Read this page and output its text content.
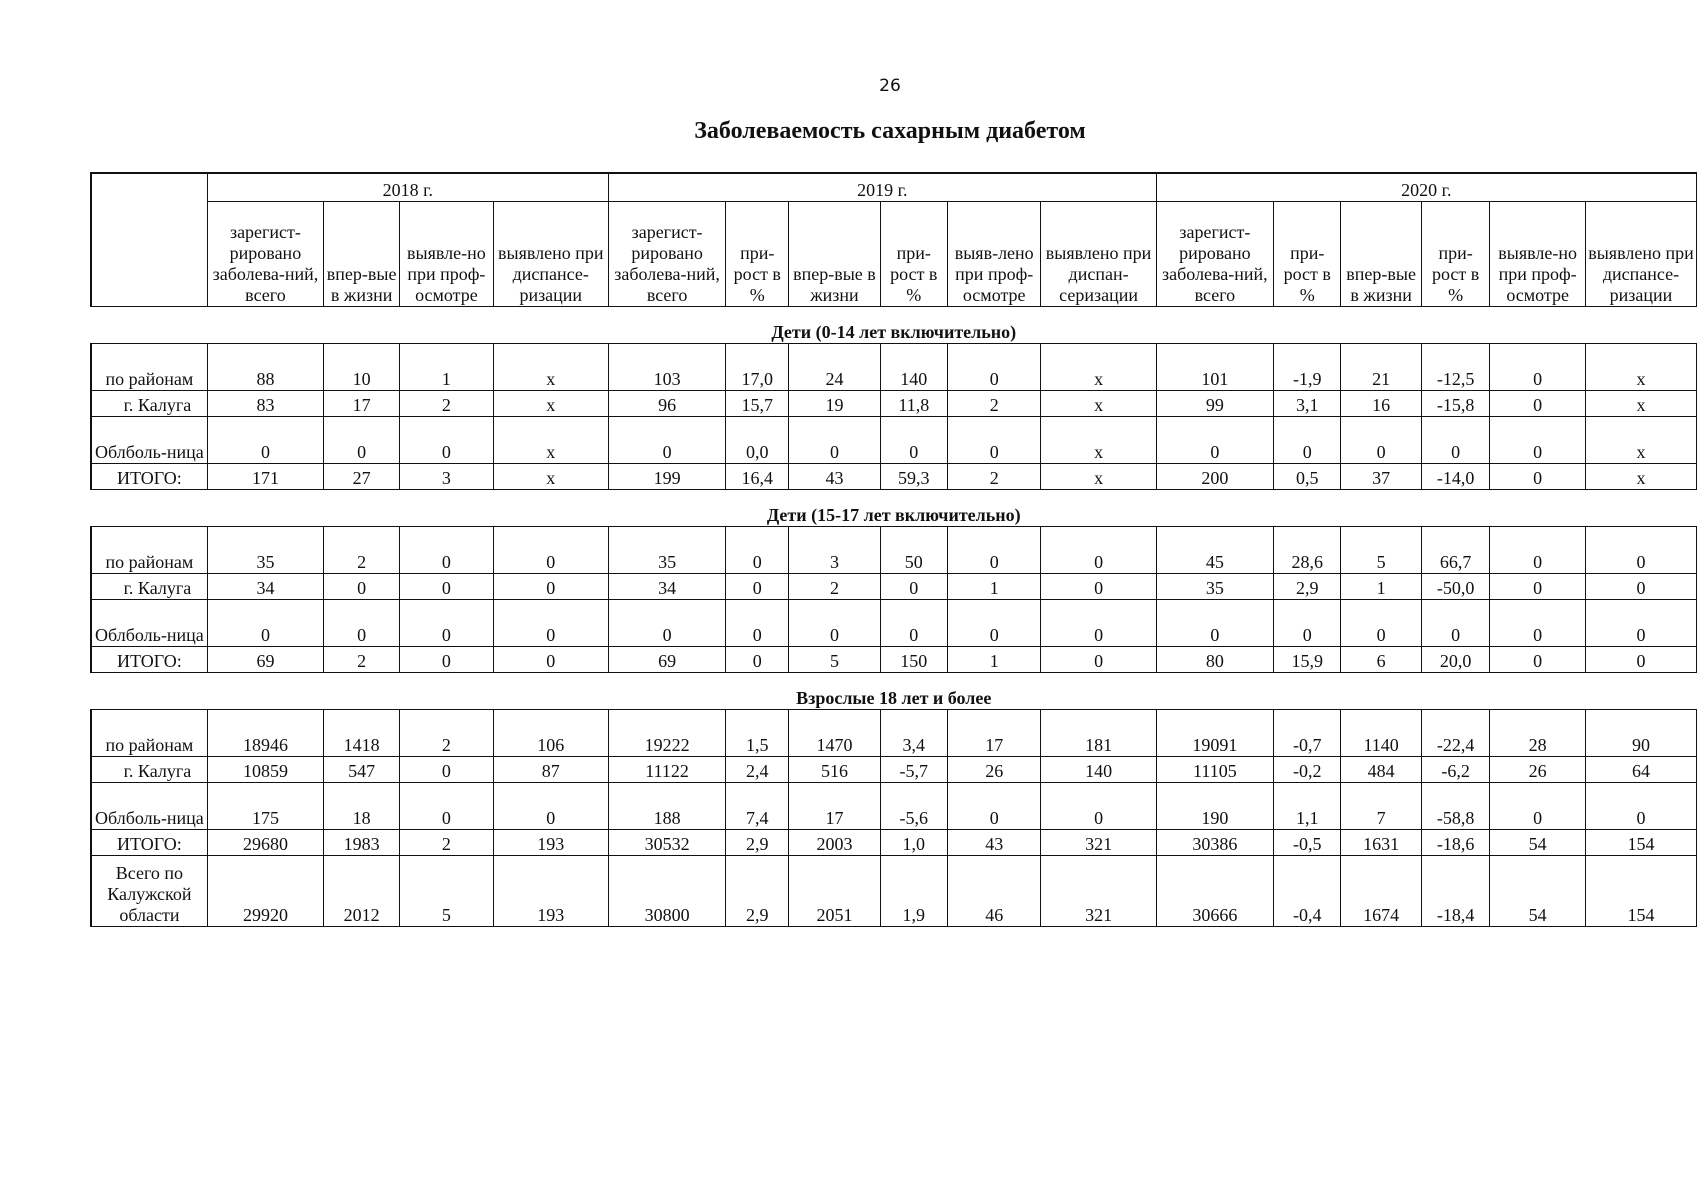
26
Заболеваемость сахарным диабетом
	2018 г.				2019 г.						2020 г.					
	зарегист-рировано заболева-ний, всего	впер-вые в жизни	выявле-но при проф-осмотре	выявлено при диспансе-ризации	зарегист-рировано заболева-ний, всего	при-рост в %	впер-вые в жизни	при-рост в %	выяв-лено при проф-осмотре	выявлено при диспан-серизации	зарегист-рировано заболева-ний, всего	при-рост в %	впер-вые в жизни	при-рост в %	выявле-но при проф-осмотре	выявлено при диспансе-ризации
Дети (0-14 лет включительно)																
по районам	88	10	1	х	103	17,0	24	140	0	х	101	-1,9	21	-12,5	0	х
г. Калуга	83	17	2	х	96	15,7	19	11,8	2	х	99	3,1	16	-15,8	0	х
Облболь-ница	0	0	0	х	0	0,0	0	0	0	х	0	0	0	0	0	х
ИТОГО:	171	27	3	х	199	16,4	43	59,3	2	х	200	0,5	37	-14,0	0	х
Дети (15-17 лет включительно)																
по районам	35	2	0	0	35	0	3	50	0	0	45	28,6	5	66,7	0	0
г. Калуга	34	0	0	0	34	0	2	0	1	0	35	2,9	1	-50,0	0	0
Облболь-ница	0	0	0	0	0	0	0	0	0	0	0	0	0	0	0	0
ИТОГО:	69	2	0	0	69	0	5	150	1	0	80	15,9	6	20,0	0	0
Взрослые 18 лет и более																
по районам	18946	1418	2	106	19222	1,5	1470	3,4	17	181	19091	-0,7	1140	-22,4	28	90
г. Калуга	10859	547	0	87	11122	2,4	516	-5,7	26	140	11105	-0,2	484	-6,2	26	64
Облболь-ница	175	18	0	0	188	7,4	17	-5,6	0	0	190	1,1	7	-58,8	0	0
ИТОГО:	29680	1983	2	193	30532	2,9	2003	1,0	43	321	30386	-0,5	1631	-18,6	54	154
Всего по Калужской области	29920	2012	5	193	30800	2,9	2051	1,9	46	321	30666	-0,4	1674	-18,4	54	154
